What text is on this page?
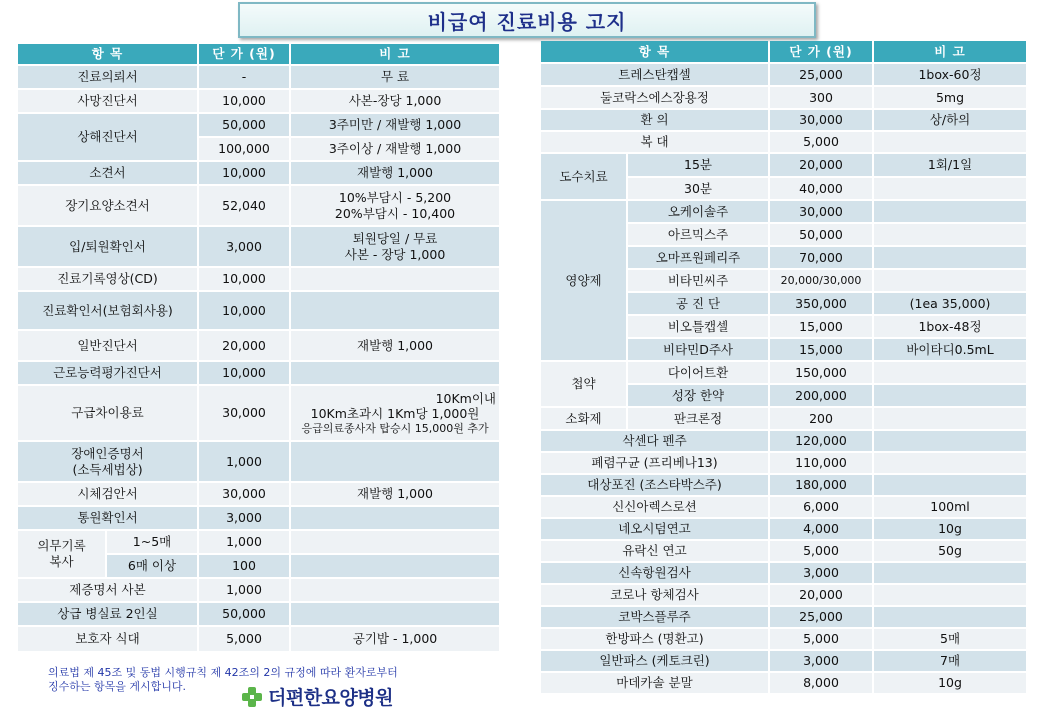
비급여 진료비용 고지
항 목		단 가 (원)	비 고
진료의뢰서		-	무 료
사망진단서		10,000	사본-장당 1,000
상해진단서		50,000	3주미만 / 재발행 1,000
		100,000	3주이상 / 재발행 1,000
소견서		10,000	재발행 1,000
장기요양소견서		52,040	10%부담시 - 5,200
20%부담시 - 10,400

입/퇴원확인서		3,000	퇴원당일 / 무료
사본 - 장당 1,000

진료기록영상(CD)		10,000	
진료확인서(보험회사용)		10,000	
일반진단서		20,000	재발행 1,000
근로능력평가진단서		10,000	
구급차이용료		30,000	10Km이내
10Km초과시 1Km당 1,000원
응급의료종사자 탑승시 15,000원 추가

장애인증명서
(소득세법상)		1,000	
시체검안서		30,000	재발행 1,000
통원확인서		3,000	

의무기록
복사	1~5매	1,000	
	6매 이상	100	
제증명서 사본		1,000	
상급 병실료 2인실		50,000	
보호자 식대		5,000	공기밥 - 1,000
항 목		단 가 (원)	비 고
트레스탄캡셀		25,000	1box-60정
둘코락스에스장용정		300	5mg
환 의		30,000	상/하의
복 대		5,000	
도수치료	15분	20,000	1회/1일
	30분	40,000	
영양제	오케이솔주	30,000	
	아르믹스주	50,000	
	오마프원페리주	70,000	
	비타민씨주	20,000/30,000	
	공 진 단	350,000	(1ea 35,000)
	비오틀캡셀	15,000	1box-48정
	비타민D주사	15,000	바이타디0.5mL
첩약	다이어트환	150,000	
	성장 한약	200,000	
소화제	판크론정	200	
삭센다 펜주		120,000	
폐렴구균 (프리베나13)		110,000	
대상포진 (조스타박스주)		180,000	
신신아렉스로션		6,000	100ml
네오시덤연고		4,000	10g
유락신 연고		5,000	50g
신속항원검사		3,000	
코로나 항체검사		20,000	
코박스플루주		25,000	
한방파스 (명환고)		5,000	5매
일반파스 (케토크린)		3,000	7매
마데카솔 분말		8,000	10g
의료법 제 45조 및 동법 시행규칙 제 42조의 2의 규정에 따라 환자로부터
징수하는 항목을 게시합니다.
더편한요양병원
